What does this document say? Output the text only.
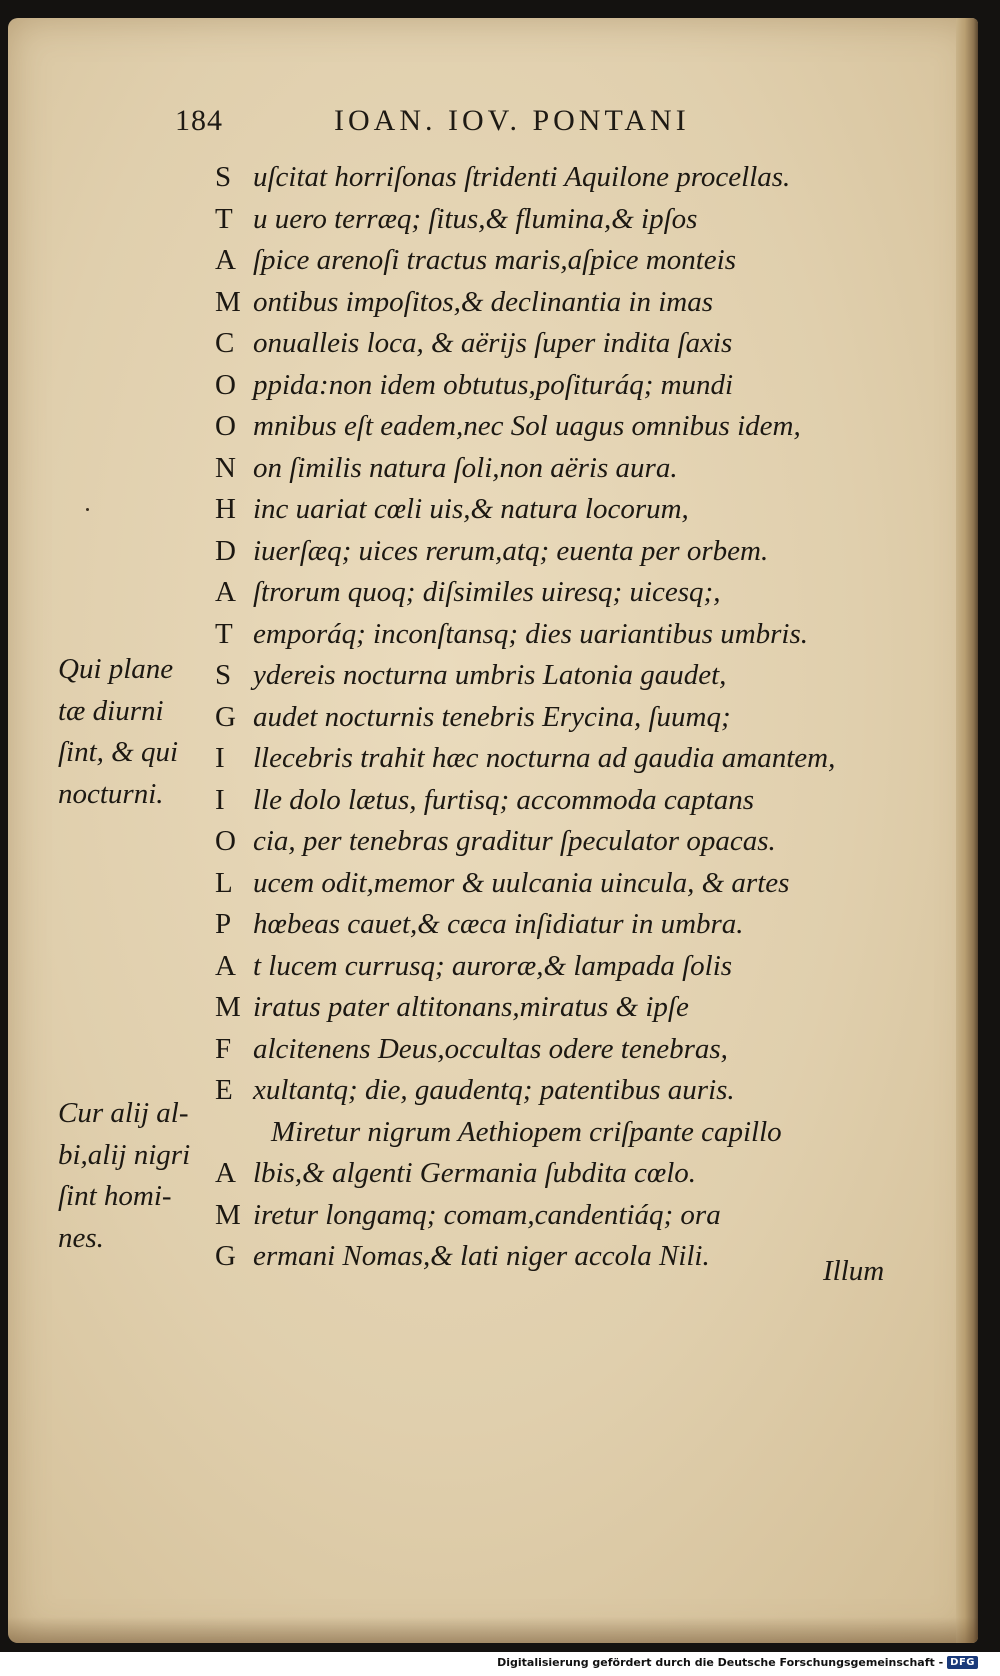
184	IOAN. IOV. PONTANI
S uſcitat horriſonas ſtridenti Aquilone procellas.
T u uero terræq; ſitus,& flumina,& ipſos
A ſpice arenoſi tractus maris,aſpice monteis
M ontibus impoſitos,& declinantia in imas
C onualleis loca, & aërijs ſuper indita ſaxis
O ppida:non idem obtutus,poſituráq; mundi
O mnibus eſt eadem,nec Sol uagus omnibus idem,
N on ſimilis natura ſoli,non aëris aura.
H inc uariat cœli uis,& natura locorum,
D iuerſæq; uices rerum,atq; euenta per orbem.
A ſtrorum quoq; diſsimiles uiresq; uicesq;,
T emporáq; inconſtansq; dies uariantibus umbris.
S ydereis nocturna umbris Latonia gaudet,
G audet nocturnis tenebris Erycina, ſuumq;
I llecebris trahit hæc nocturna ad gaudia amantem,
I lle dolo lætus, furtisq; accommoda captans
O cia, per tenebras graditur ſpeculator opacas.
L ucem odit,memor & uulcania uincula, & artes
P hœbeas cauet,& cæca inſidiatur in umbra.
A t lucem currusq; auroræ,& lampada ſolis
M iratus pater altitonans,miratus & ipſe
F alcitenens Deus,occultas odere tenebras,
E xultantq; die, gaudentq; patentibus auris.
Miretur nigrum Aethiopem criſpante capillo
A lbis,& algenti Germania ſubdita cœlo.
M iretur longamq; comam,candentiáq; ora
G ermani Nomas,& lati niger accola Nili.
Qui plane
tæ diurni
ſint, & qui
nocturni.
Cur alij al-
bi,alij nigri
ſint homi-
nes.
Illum
Digitalisierung gefördert durch die Deutsche Forschungsgemeinschaft - DFG
